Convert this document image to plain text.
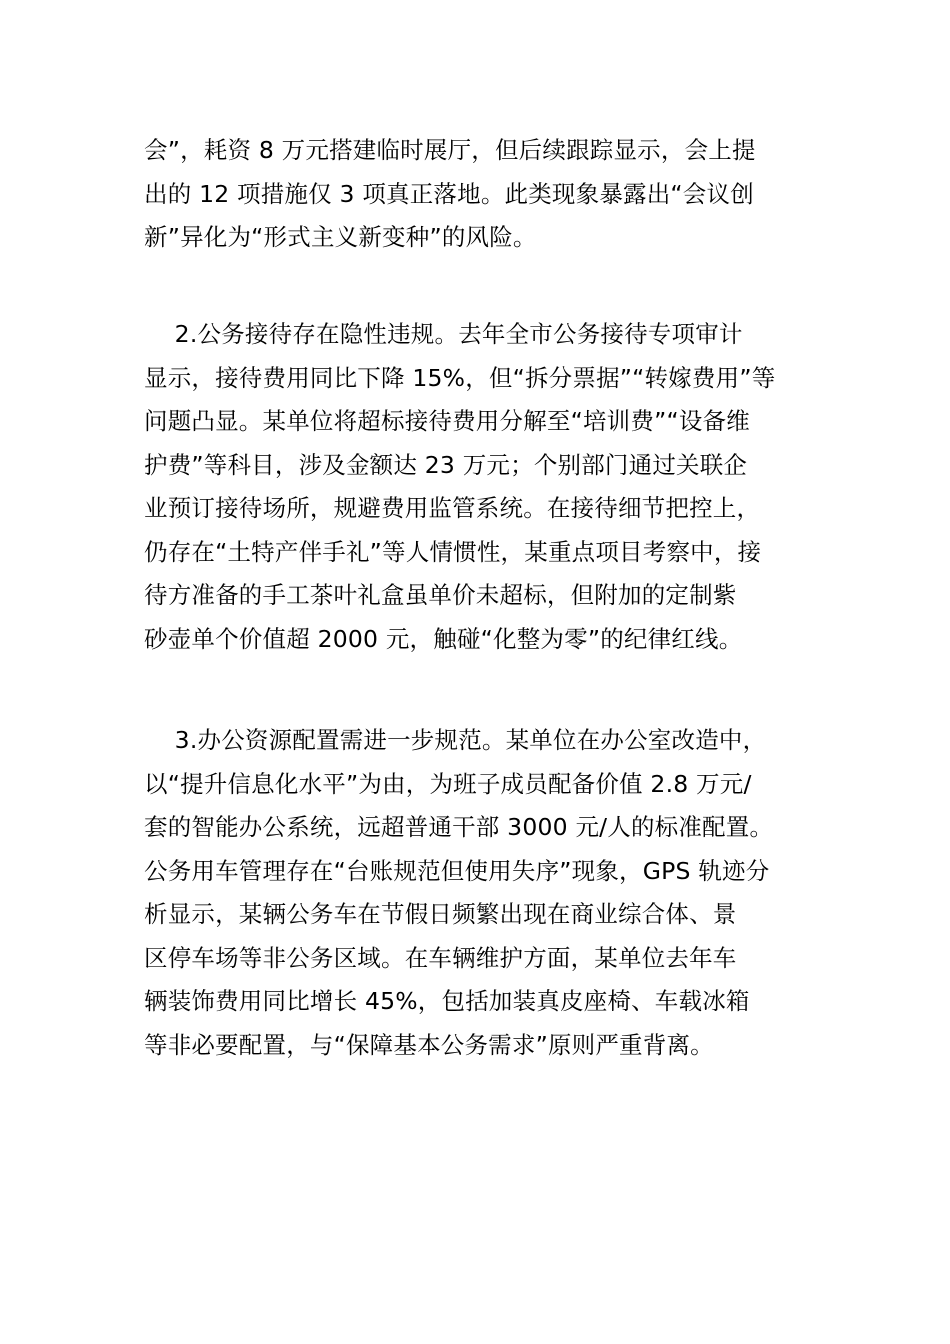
会”，耗资 8 万元搭建临时展厅，但后续跟踪显示，会上提
出的 12 项措施仅 3 项真正落地。此类现象暴露出“会议创
新”异化为“形式主义新变种”的风险。
2.公务接待存在隐性违规。去年全市公务接待专项审计
显示，接待费用同比下降 15%，但“拆分票据”“转嫁费用”等
问题凸显。某单位将超标接待费用分解至“培训费”“设备维
护费”等科目，涉及金额达 23 万元；个别部门通过关联企
业预订接待场所，规避费用监管系统。在接待细节把控上，
仍存在“土特产伴手礼”等人情惯性，某重点项目考察中，接
待方准备的手工茶叶礼盒虽单价未超标，但附加的定制紫
砂壶单个价值超 2000 元，触碰“化整为零”的纪律红线。
3.办公资源配置需进一步规范。某单位在办公室改造中，
以“提升信息化水平”为由，为班子成员配备价值 2.8 万元/
套的智能办公系统，远超普通干部 3000 元/人的标准配置。
公务用车管理存在“台账规范但使用失序”现象，GPS 轨迹分
析显示，某辆公务车在节假日频繁出现在商业综合体、景
区停车场等非公务区域。在车辆维护方面，某单位去年车
辆装饰费用同比增长 45%，包括加装真皮座椅、车载冰箱
等非必要配置，与“保障基本公务需求”原则严重背离。
